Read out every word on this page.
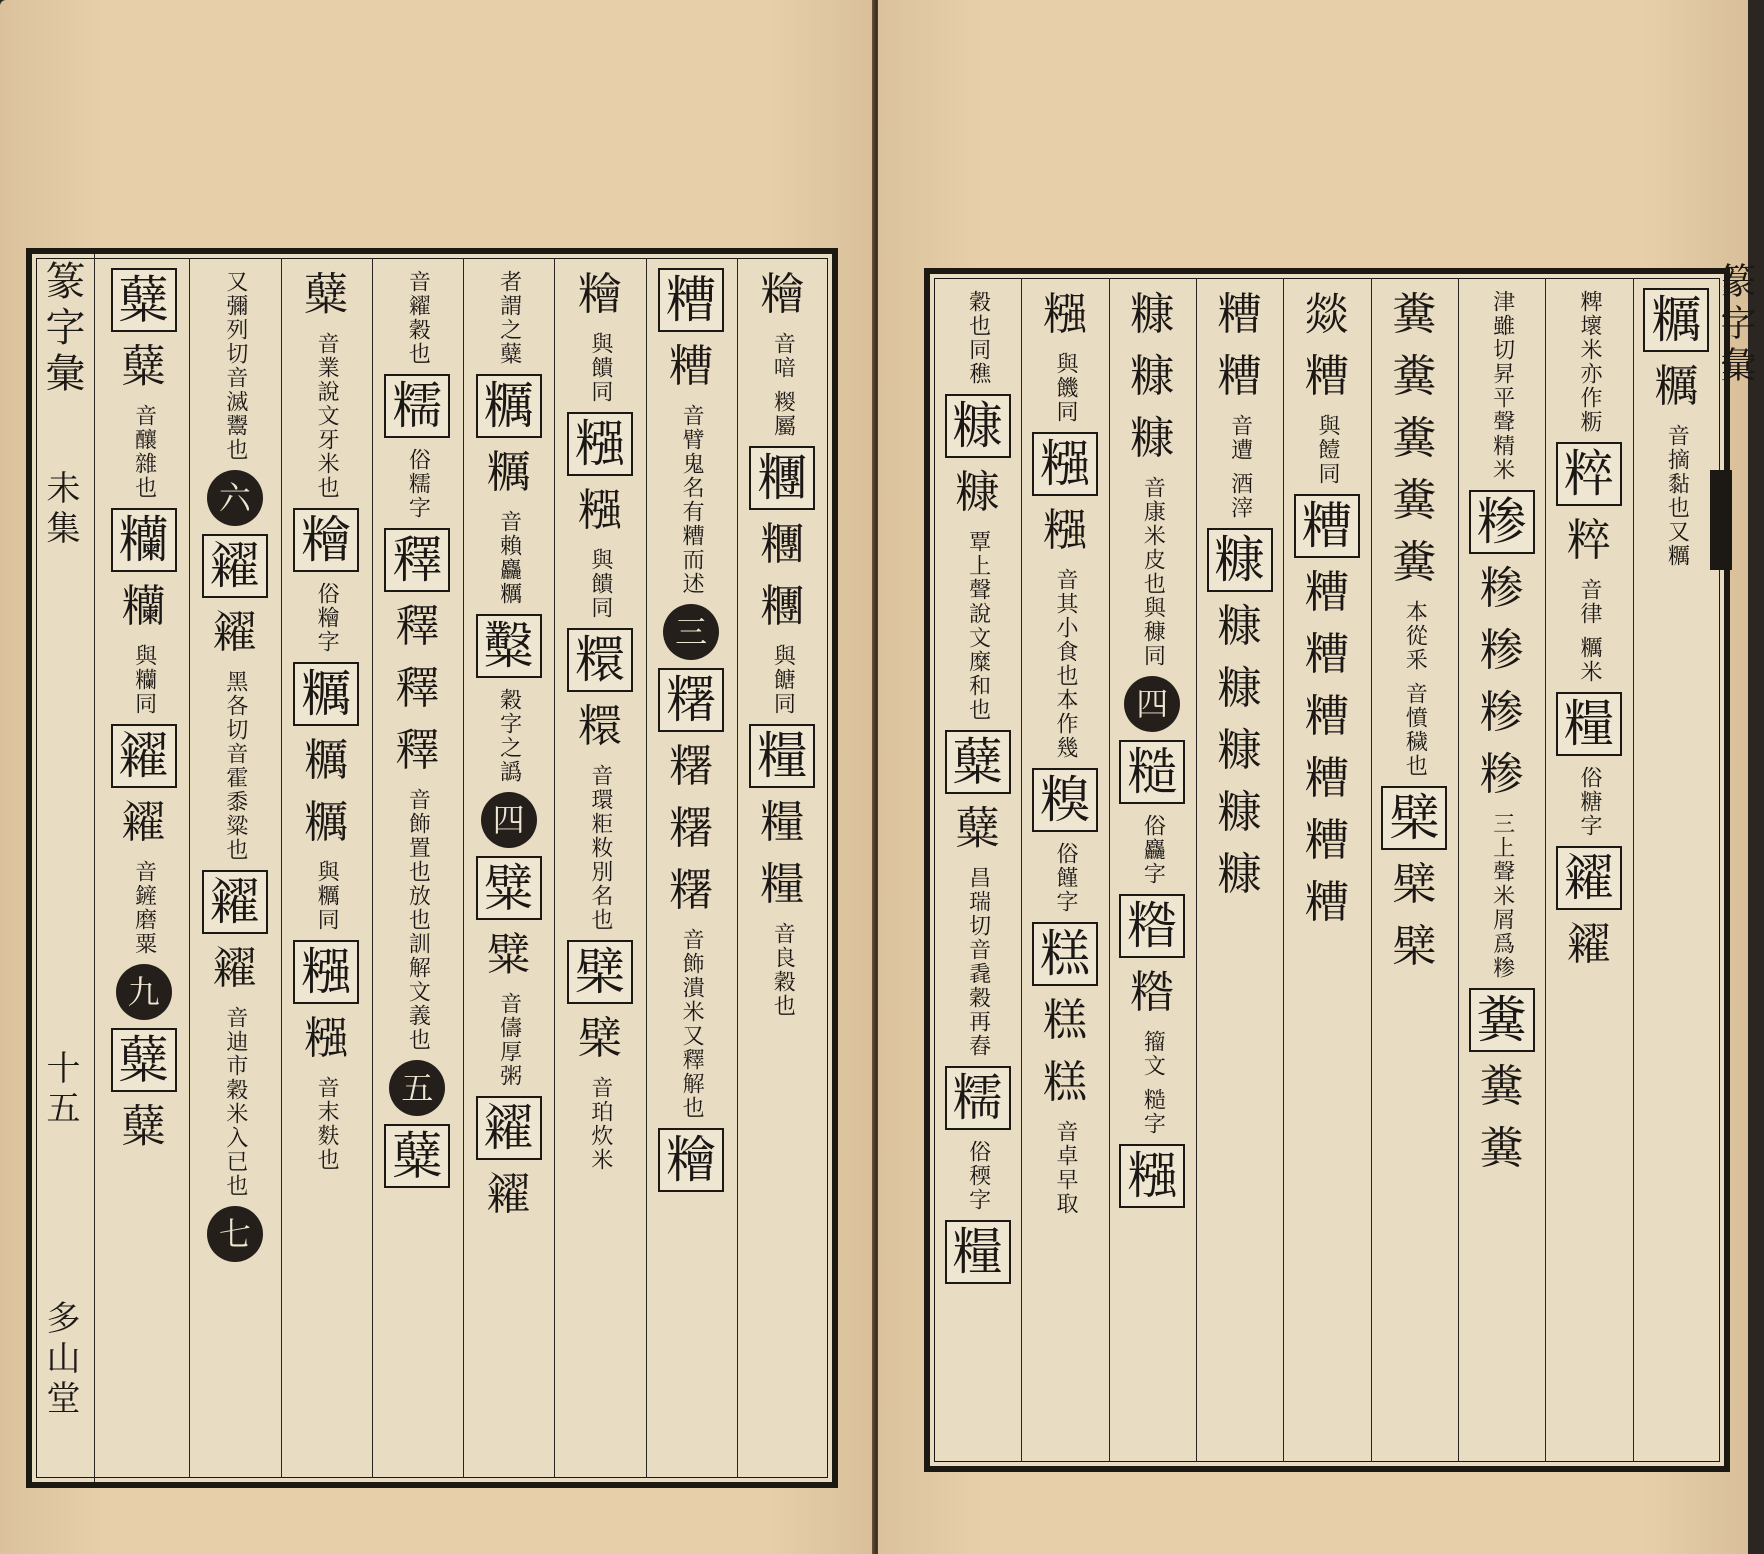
糩
音喑
糉屬
糰
糰
糰
與餹同
糧
糧
糧
音良穀也
糟
糟
音臂鬼名有糟而述
三
糬
糬
糬
糬
音飾潰米又釋解也
糩
糩
與饋同
糨
糨
與饋同
糫
糫
音環粔籹別名也
檗
檗
音珀炊米
者謂之糵
糲
糲
音賴麤糲
糳
穀字之譌
四
糪
糪
音儔厚粥
糴
糴
音糴穀也
糯
俗糯字
釋
釋
釋
釋
音飾置也放也訓解文義也
五
糵
糵
音業說文牙米也
糩
俗糩字
糲
糲
糲
與糲同
糨
糨
音末麩也
又彌列切音滅鬻也
六
糴
糴
黑各切音霍黍粱也
糴
糴
音迪市穀米入已也
七
糵
糵
音釀雜也
糷
糷
與糷同
糴
糴
音鏟磨粟
九
糵
糵
篆字彙
未集
十五
多山堂
糲
糲
音摘黏也又糲
粺壞米亦作粝
粹
粹
音律
糲米
糧
俗糖字
糴
糴
津雖切昇平聲精米
糁
糁
糁
糁
糁
三上聲米屑爲糁
糞
糞
糞
糞
糞
糞
糞
糞
本從釆
音憤穢也
檗
檗
檗
燚
糟
與饐同
糟
糟
糟
糟
糟
糟
糟
糟
糟
音遭
酒滓
糠
糠
糠
糠
糠
糠
糠
糠
糠
音康米皮也與穅同
四
糙
俗麤字
糌
糌
籀文
糙字
糨
糨
與饑同
糨
糨
音其小食也本作幾
糗
俗饉字
糕
糕
糕
音卓早取
穀也同穛
糠
糠
覃上聲說文糜和也
糵
糵
昌瑞切音毳穀再舂
糯
俗稬字
糧
篆字彙
